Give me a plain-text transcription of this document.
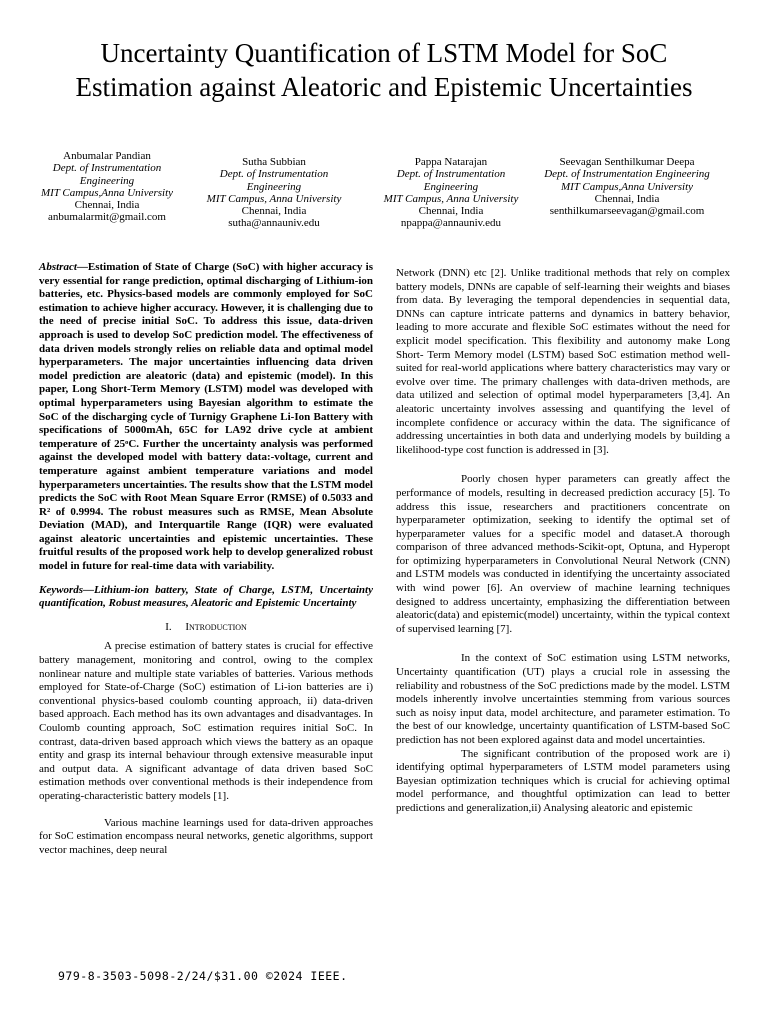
Uncertainty Quantification of LSTM Model for SoC Estimation against Aleatoric and Epistemic Uncertainties
Anbumalar Pandian
Dept. of Instrumentation Engineering
MIT Campus,Anna University
Chennai, India
anbumalarmit@gmail.com
Sutha Subbian
Dept. of Instrumentation Engineering
MIT Campus, Anna University
Chennai, India
sutha@annauniv.edu
Pappa Natarajan
Dept. of Instrumentation Engineering
MIT Campus, Anna University
Chennai, India
npappa@annauniv.edu
Seevagan Senthilkumar Deepa
Dept. of Instrumentation Engineering
MIT Campus,Anna University
Chennai, India
senthilkumarseevagan@gmail.com

Abstract—Estimation of State of Charge (SoC) with higher accuracy is very essential for range prediction, optimal discharging of Lithium-ion batteries, etc. Physics-based models are commonly employed for SoC estimation to achieve higher accuracy. However, it is challenging due to the need of precise initial SoC. To address this issue, data-driven approach is used to develop SoC prediction model. The effectiveness of data driven models strongly relies on reliable data and optimal model hyperparameters. The major uncertainties influencing data driven model prediction are aleatoric (data) and epistemic (model). In this paper, Long Short-Term Memory (LSTM) model was developed with optimal hyperparameters using Bayesian algorithm to estimate the SoC of the discharging cycle of Turnigy Graphene Li-Ion Battery with specifications of 5000mAh, 65C for LA92 drive cycle at ambient temperature of 25ᵒC. Further the uncertainty analysis was performed against the developed model with battery data:-voltage, current and temperature against ambient temperature variations and model hyperparameters uncertainties. The results show that the LSTM model predicts the SoC with Root Mean Square Error (RMSE) of 0.5033 and R² of 0.9994. The robust measures such as RMSE, Mean Absolute Deviation (MAD), and Interquartile Range (IQR) were evaluated against aleatoric uncertainties and epistemic uncertainties. These fruitful results of the proposed work help to develop generalized robust model in future for real-time data with variability.

Keywords—Lithium-ion battery, State of Charge, LSTM, Uncertainty quantification, Robust measures, Aleatoric and Epistemic Uncertainty

I. Introduction

A precise estimation of battery states is crucial for effective battery management, monitoring and control, owing to the complex nonlinear nature and multiple state variables of batteries. Various methods employed for State-of-Charge (SoC) estimation of Li-ion batteries are i) conventional physics-based coulomb counting approach, ii) data-driven based approach. Each method has its own advantages and disadvantages. In Coulomb counting approach, SoC estimation requires initial SoC. In contrast, data-driven based approach which views the battery as an opaque entity and grasp its internal behaviour through extensive measurable input and output data. A significant advantage of data driven based SoC estimation methods over conventional methods is their independence from operating-characteristic battery models [1].

Various machine learnings used for data-driven approaches for SoC estimation encompass neural networks, genetic algorithms, support vector machines, deep neural

Network (DNN) etc [2]. Unlike traditional methods that rely on complex battery models, DNNs are capable of self-learning their weights and biases from data. By leveraging the temporal dependencies in sequential data, DNNs can capture intricate patterns and dynamics in battery behavior, leading to more accurate and flexible SoC estimates without the need for explicit model specification. This flexibility and autonomy make Long Short- Term Memory model (LSTM) based SoC estimation method well-suited for real-world applications where battery characteristics may vary or evolve over time. The primary challenges with data-driven methods, are data utilized and selection of optimal model hyperparameters [3,4]. An aleatoric uncertainty involves assessing and quantifying the level of incomplete confidence or accuracy within the data. The significance of addressing uncertainties in both data and underlying models by building a likelihood-type cost function is addressed in [3].

Poorly chosen hyper parameters can greatly affect the performance of models, resulting in decreased prediction accuracy [5]. To address this issue, researchers and practitioners concentrate on hyperparameter optimization, seeking to identify the optimal set of hyperparameter values for a specific model and dataset.A thorough comparison of three advanced methods-Scikit-opt, Optuna, and Hyperopt for optimizing hyperparameters in Convolutional Neural Network (CNN) and LSTM models was conducted in identifying the uncertainty associated with wind power [6]. An overview of machine learning techniques designed to address uncertainty, emphasizing the differentiation between aleatoric(data) and epistemic(model) uncertainty, within the typical context of supervised learning [7].

In the context of SoC estimation using LSTM networks, Uncertainty quantification (UT) plays a crucial role in assessing the reliability and robustness of the SoC predictions made by the model. LSTM models inherently involve uncertainties stemming from various sources such as noisy input data, model architecture, and parameter estimation. To the best of our knowledge, uncertainty quantification of LSTM-based SoC prediction has not been explored against data and model uncertainties.

The significant contribution of the proposed work are i) identifying optimal hyperparameters of LSTM model parameters using Bayesian optimization techniques which is crucial for achieving optimal model performance, and thoughtful optimization can lead to better predictions and generalization,ii) Analysing aleatoric and epistemic

979-8-3503-5098-2/24/$31.00 ©2024 IEEE.
